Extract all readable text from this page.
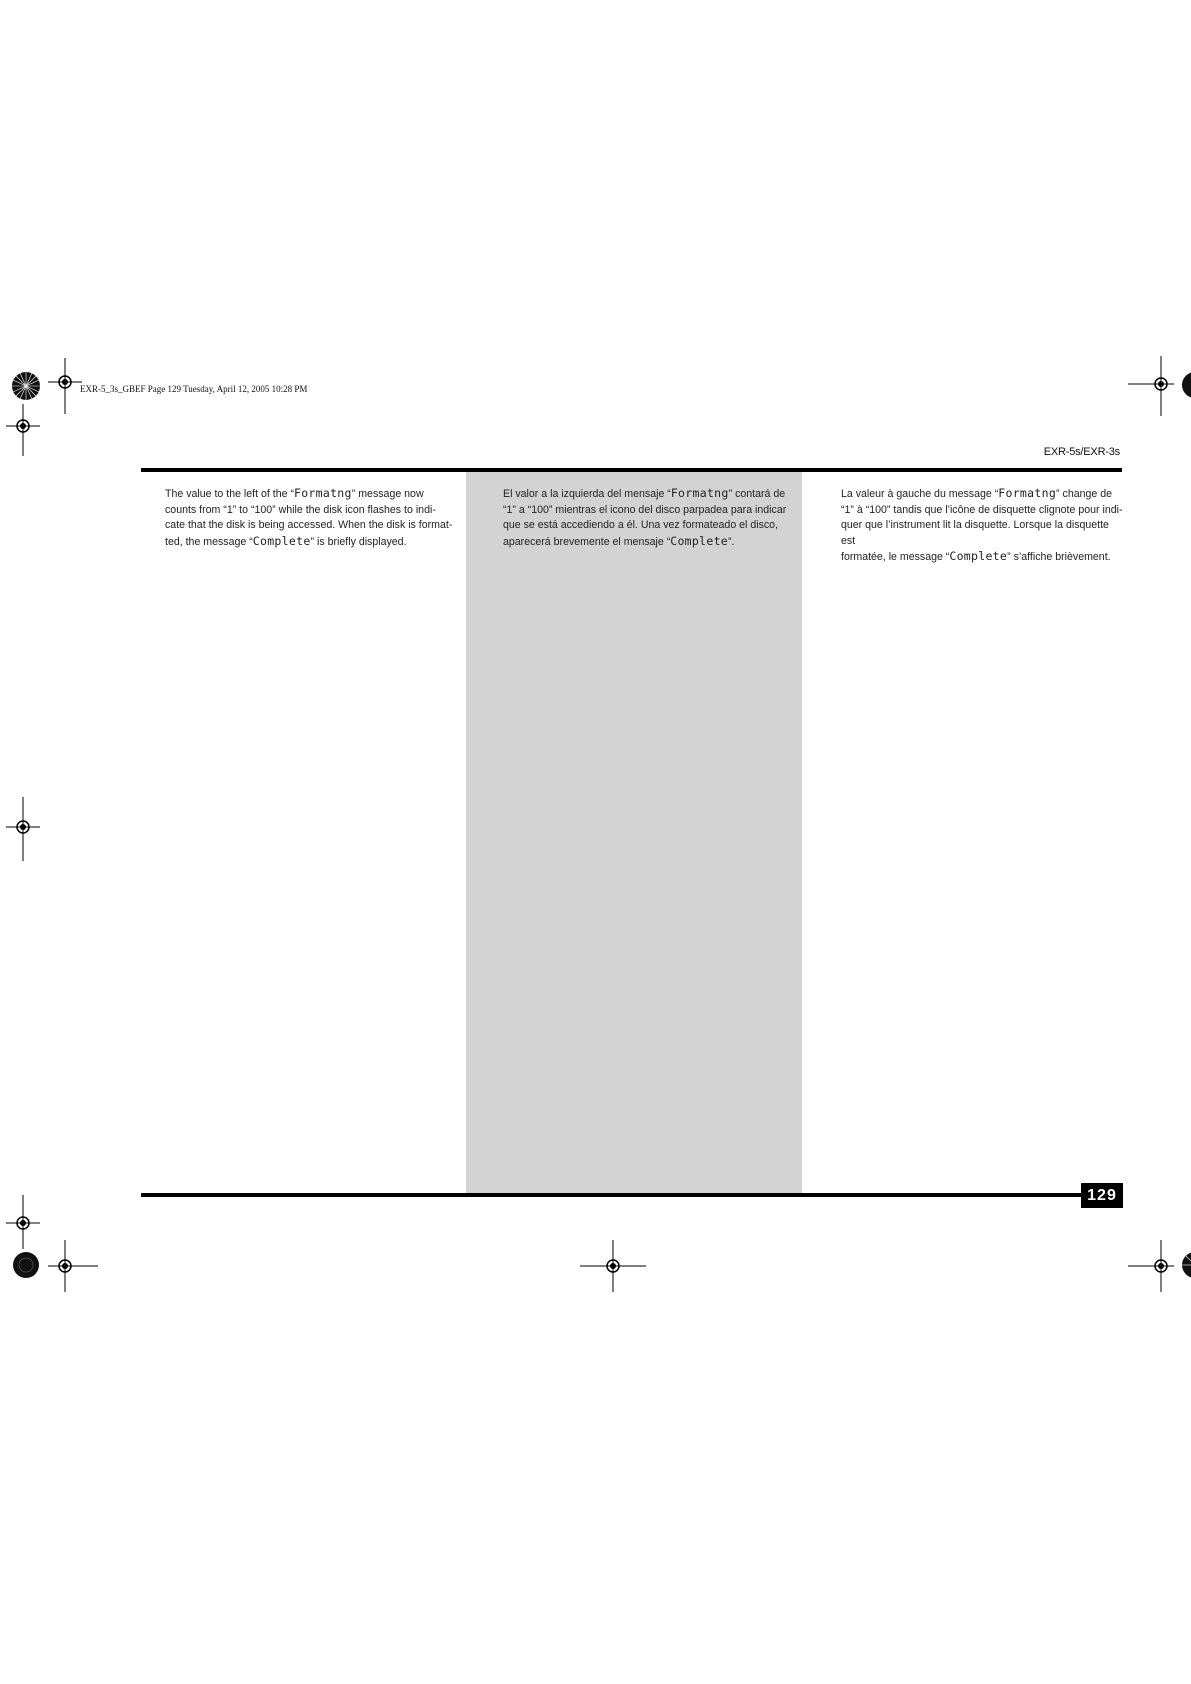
EXR-5_3s_GBEF Page 129 Tuesday, April 12, 2005 10:28 PM
EXR-5s/EXR-3s
129

The value to the left of the “Formatng” message now

counts from “1” to “100” while the disk icon flashes to indi-

cate that the disk is being accessed. When the disk is format-

ted, the message “Complete” is briefly displayed.

El valor a la izquierda del mensaje “Formatng” contará de

“1” a “100” mientras el icono del disco parpadea para indicar

que se está accediendo a él. Una vez formateado el disco,

aparecerá brevemente el mensaje “Complete”.

La valeur à gauche du message “Formatng” change de

“1” à “100” tandis que l’icône de disquette clignote pour indi-

quer que l’instrument lit la disquette. Lorsque la disquette est

formatée, le message “Complete” s’affiche brièvement.
